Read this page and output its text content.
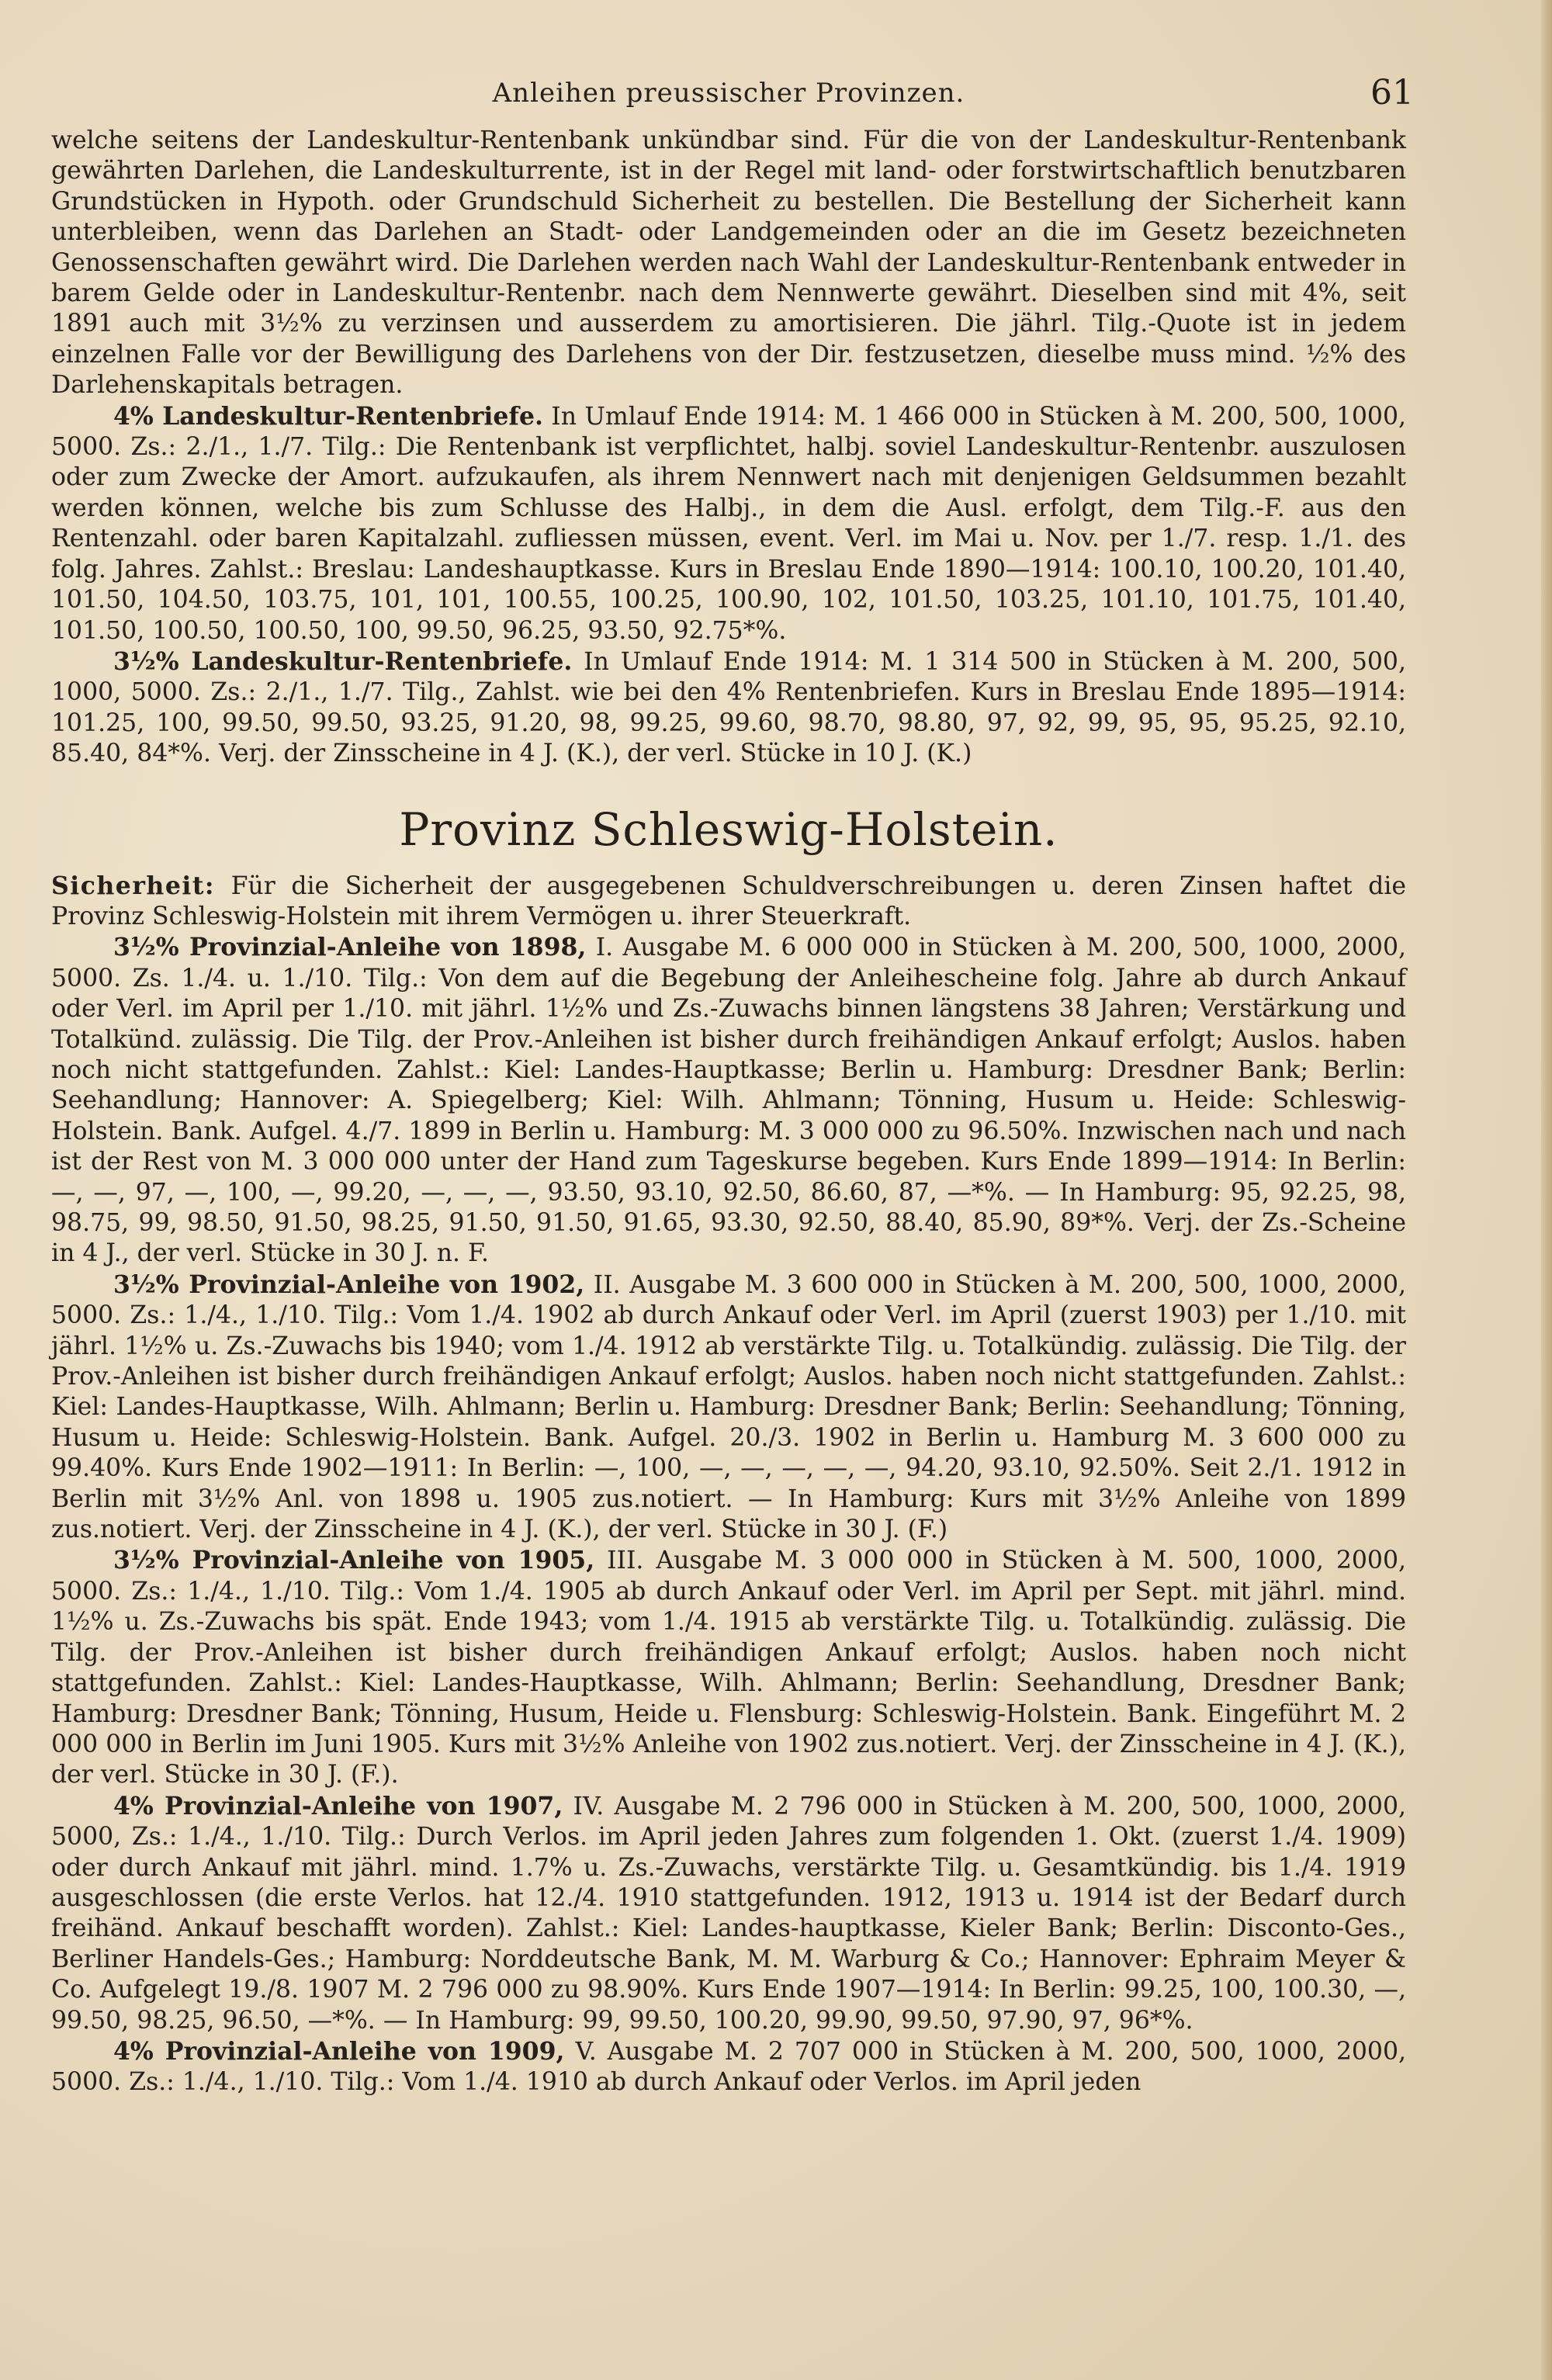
Anleihen preussischer Provinzen.	61

welche seitens der Landeskultur-Rentenbank unkündbar sind. Für die von der Landeskultur-Rentenbank gewährten Darlehen, die Landeskulturrente, ist in der Regel mit land- oder forstwirtschaftlich benutzbaren Grundstücken in Hypoth. oder Grundschuld Sicherheit zu bestellen. Die Bestellung der Sicherheit kann unterbleiben, wenn das Darlehen an Stadt- oder Landgemeinden oder an die im Gesetz bezeichneten Genossenschaften gewährt wird. Die Darlehen werden nach Wahl der Landeskultur-Rentenbank entweder in barem Gelde oder in Landeskultur-Rentenbr. nach dem Nennwerte gewährt. Dieselben sind mit 4%, seit 1891 auch mit 3½% zu verzinsen und ausserdem zu amortisieren. Die jährl. Tilg.-Quote ist in jedem einzelnen Falle vor der Bewilligung des Darlehens von der Dir. festzusetzen, dieselbe muss mind. ½% des Darlehenskapitals betragen.

4% Landeskultur-Rentenbriefe. In Umlauf Ende 1914: M. 1 466 000 in Stücken à M. 200, 500, 1000, 5000. Zs.: 2./1., 1./7. Tilg.: Die Rentenbank ist verpflichtet, halbj. soviel Landeskultur-Rentenbr. auszulosen oder zum Zwecke der Amort. aufzukaufen, als ihrem Nennwert nach mit denjenigen Geldsummen bezahlt werden können, welche bis zum Schlusse des Halbj., in dem die Ausl. erfolgt, dem Tilg.-F. aus den Rentenzahl. oder baren Kapitalzahl. zufliessen müssen, event. Verl. im Mai u. Nov. per 1./7. resp. 1./1. des folg. Jahres. Zahlst.: Breslau: Landeshauptkasse. Kurs in Breslau Ende 1890—1914: 100.10, 100.20, 101.40, 101.50, 104.50, 103.75, 101, 101, 100.55, 100.25, 100.90, 102, 101.50, 103.25, 101.10, 101.75, 101.40, 101.50, 100.50, 100.50, 100, 99.50, 96.25, 93.50, 92.75*%.

3½% Landeskultur-Rentenbriefe. In Umlauf Ende 1914: M. 1 314 500 in Stücken à M. 200, 500, 1000, 5000. Zs.: 2./1., 1./7. Tilg., Zahlst. wie bei den 4% Rentenbriefen. Kurs in Breslau Ende 1895—1914: 101.25, 100, 99.50, 99.50, 93.25, 91.20, 98, 99.25, 99.60, 98.70, 98.80, 97, 92, 99, 95, 95, 95.25, 92.10, 85.40, 84*%. Verj. der Zinsscheine in 4 J. (K.), der verl. Stücke in 10 J. (K.)

Provinz Schleswig-Holstein.

Sicherheit: Für die Sicherheit der ausgegebenen Schuldverschreibungen u. deren Zinsen haftet die Provinz Schleswig-Holstein mit ihrem Vermögen u. ihrer Steuerkraft.

3½% Provinzial-Anleihe von 1898, I. Ausgabe M. 6 000 000 in Stücken à M. 200, 500, 1000, 2000, 5000. Zs. 1./4. u. 1./10. Tilg.: Von dem auf die Begebung der Anleihescheine folg. Jahre ab durch Ankauf oder Verl. im April per 1./10. mit jährl. 1½% und Zs.-Zuwachs binnen längstens 38 Jahren; Verstärkung und Totalkünd. zulässig. Die Tilg. der Prov.-Anleihen ist bisher durch freihändigen Ankauf erfolgt; Auslos. haben noch nicht stattgefunden. Zahlst.: Kiel: Landes-Hauptkasse; Berlin u. Hamburg: Dresdner Bank; Berlin: Seehandlung; Hannover: A. Spiegelberg; Kiel: Wilh. Ahlmann; Tönning, Husum u. Heide: Schleswig-Holstein. Bank. Aufgel. 4./7. 1899 in Berlin u. Hamburg: M. 3 000 000 zu 96.50%. Inzwischen nach und nach ist der Rest von M. 3 000 000 unter der Hand zum Tageskurse begeben. Kurs Ende 1899—1914: In Berlin: —, —, 97, —, 100, —, 99.20, —, —, —, 93.50, 93.10, 92.50, 86.60, 87, —*%. — In Hamburg: 95, 92.25, 98, 98.75, 99, 98.50, 91.50, 98.25, 91.50, 91.50, 91.65, 93.30, 92.50, 88.40, 85.90, 89*%. Verj. der Zs.-Scheine in 4 J., der verl. Stücke in 30 J. n. F.

3½% Provinzial-Anleihe von 1902, II. Ausgabe M. 3 600 000 in Stücken à M. 200, 500, 1000, 2000, 5000. Zs.: 1./4., 1./10. Tilg.: Vom 1./4. 1902 ab durch Ankauf oder Verl. im April (zuerst 1903) per 1./10. mit jährl. 1½% u. Zs.-Zuwachs bis 1940; vom 1./4. 1912 ab verstärkte Tilg. u. Totalkündig. zulässig. Die Tilg. der Prov.-Anleihen ist bisher durch freihändigen Ankauf erfolgt; Auslos. haben noch nicht stattgefunden. Zahlst.: Kiel: Landes-Hauptkasse, Wilh. Ahlmann; Berlin u. Hamburg: Dresdner Bank; Berlin: Seehandlung; Tönning, Husum u. Heide: Schleswig-Holstein. Bank. Aufgel. 20./3. 1902 in Berlin u. Hamburg M. 3 600 000 zu 99.40%. Kurs Ende 1902—1911: In Berlin: —, 100, —, —, —, —, —, 94.20, 93.10, 92.50%. Seit 2./1. 1912 in Berlin mit 3½% Anl. von 1898 u. 1905 zus.notiert. — In Hamburg: Kurs mit 3½% Anleihe von 1899 zus.notiert. Verj. der Zinsscheine in 4 J. (K.), der verl. Stücke in 30 J. (F.)

3½% Provinzial-Anleihe von 1905, III. Ausgabe M. 3 000 000 in Stücken à M. 500, 1000, 2000, 5000. Zs.: 1./4., 1./10. Tilg.: Vom 1./4. 1905 ab durch Ankauf oder Verl. im April per Sept. mit jährl. mind. 1½% u. Zs.-Zuwachs bis spät. Ende 1943; vom 1./4. 1915 ab verstärkte Tilg. u. Totalkündig. zulässig. Die Tilg. der Prov.-Anleihen ist bisher durch freihändigen Ankauf erfolgt; Auslos. haben noch nicht stattgefunden. Zahlst.: Kiel: Landes-Hauptkasse, Wilh. Ahlmann; Berlin: Seehandlung, Dresdner Bank; Hamburg: Dresdner Bank; Tönning, Husum, Heide u. Flensburg: Schleswig-Holstein. Bank. Eingeführt M. 2 000 000 in Berlin im Juni 1905. Kurs mit 3½% Anleihe von 1902 zus.notiert. Verj. der Zinsscheine in 4 J. (K.), der verl. Stücke in 30 J. (F.).

4% Provinzial-Anleihe von 1907, IV. Ausgabe M. 2 796 000 in Stücken à M. 200, 500, 1000, 2000, 5000, Zs.: 1./4., 1./10. Tilg.: Durch Verlos. im April jeden Jahres zum folgenden 1. Okt. (zuerst 1./4. 1909) oder durch Ankauf mit jährl. mind. 1.7% u. Zs.-Zuwachs, verstärkte Tilg. u. Gesamtkündig. bis 1./4. 1919 ausgeschlossen (die erste Verlos. hat 12./4. 1910 stattgefunden. 1912, 1913 u. 1914 ist der Bedarf durch freihänd. Ankauf beschafft worden). Zahlst.: Kiel: Landes-hauptkasse, Kieler Bank; Berlin: Disconto-Ges., Berliner Handels-Ges.; Hamburg: Norddeutsche Bank, M. M. Warburg & Co.; Hannover: Ephraim Meyer & Co. Aufgelegt 19./8. 1907 M. 2 796 000 zu 98.90%. Kurs Ende 1907—1914: In Berlin: 99.25, 100, 100.30, —, 99.50, 98.25, 96.50, —*%. — In Hamburg: 99, 99.50, 100.20, 99.90, 99.50, 97.90, 97, 96*%.

4% Provinzial-Anleihe von 1909, V. Ausgabe M. 2 707 000 in Stücken à M. 200, 500, 1000, 2000, 5000. Zs.: 1./4., 1./10. Tilg.: Vom 1./4. 1910 ab durch Ankauf oder Verlos. im April jeden
